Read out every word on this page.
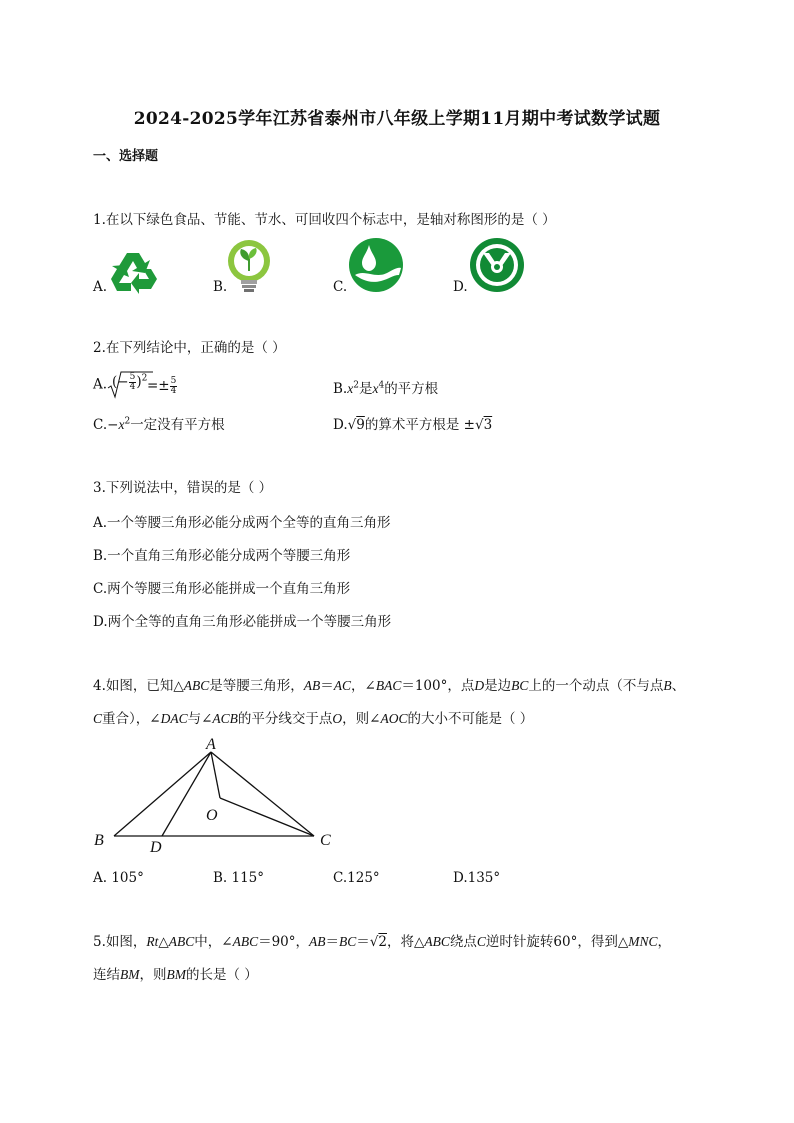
2024-2025学年江苏省泰州市八年级上学期11月期中考试数学试题
一、选择题
1.在以下绿色食品、节能、节水、可回收四个标志中，是轴对称图形的是（ ）
A.	B.	C.	D.
2.在下列结论中，正确的是（ ）
A. (− $\frac{5}{4} )^2 =\pm \frac{5}{4}$	$B.x^2$是$x^4$的平方根
$C.-x^2$一定没有平方根	D.√9的算术平方根是 ±√3
3.下列说法中，错误的是（ ）
A.一个等腰三角形必能分成两个全等的直角三角形
B.一个直角三角形必能分成两个等腰三角形
C.两个等腰三角形必能拼成一个直角三角形
D.两个全等的直角三角形必能拼成一个等腰三角形
4.如图，已知△ABC是等腰三角形，AB＝AC，∠BAC＝100°，点D是边BC上的一个动点（不与点B、
C重合），∠DAC与∠ACB的平分线交于点O，则∠AOC的大小不可能是（ ）
A
B	C
D
O
A. 105°	B. 115°	C.125°	D.135°
5.如图，Rt△ABC中，∠ABC＝90°，AB＝BC＝√2，将△ABC绕点C逆时针旋转60°，得到△MNC，
连结BM，则BM的长是（ ）
